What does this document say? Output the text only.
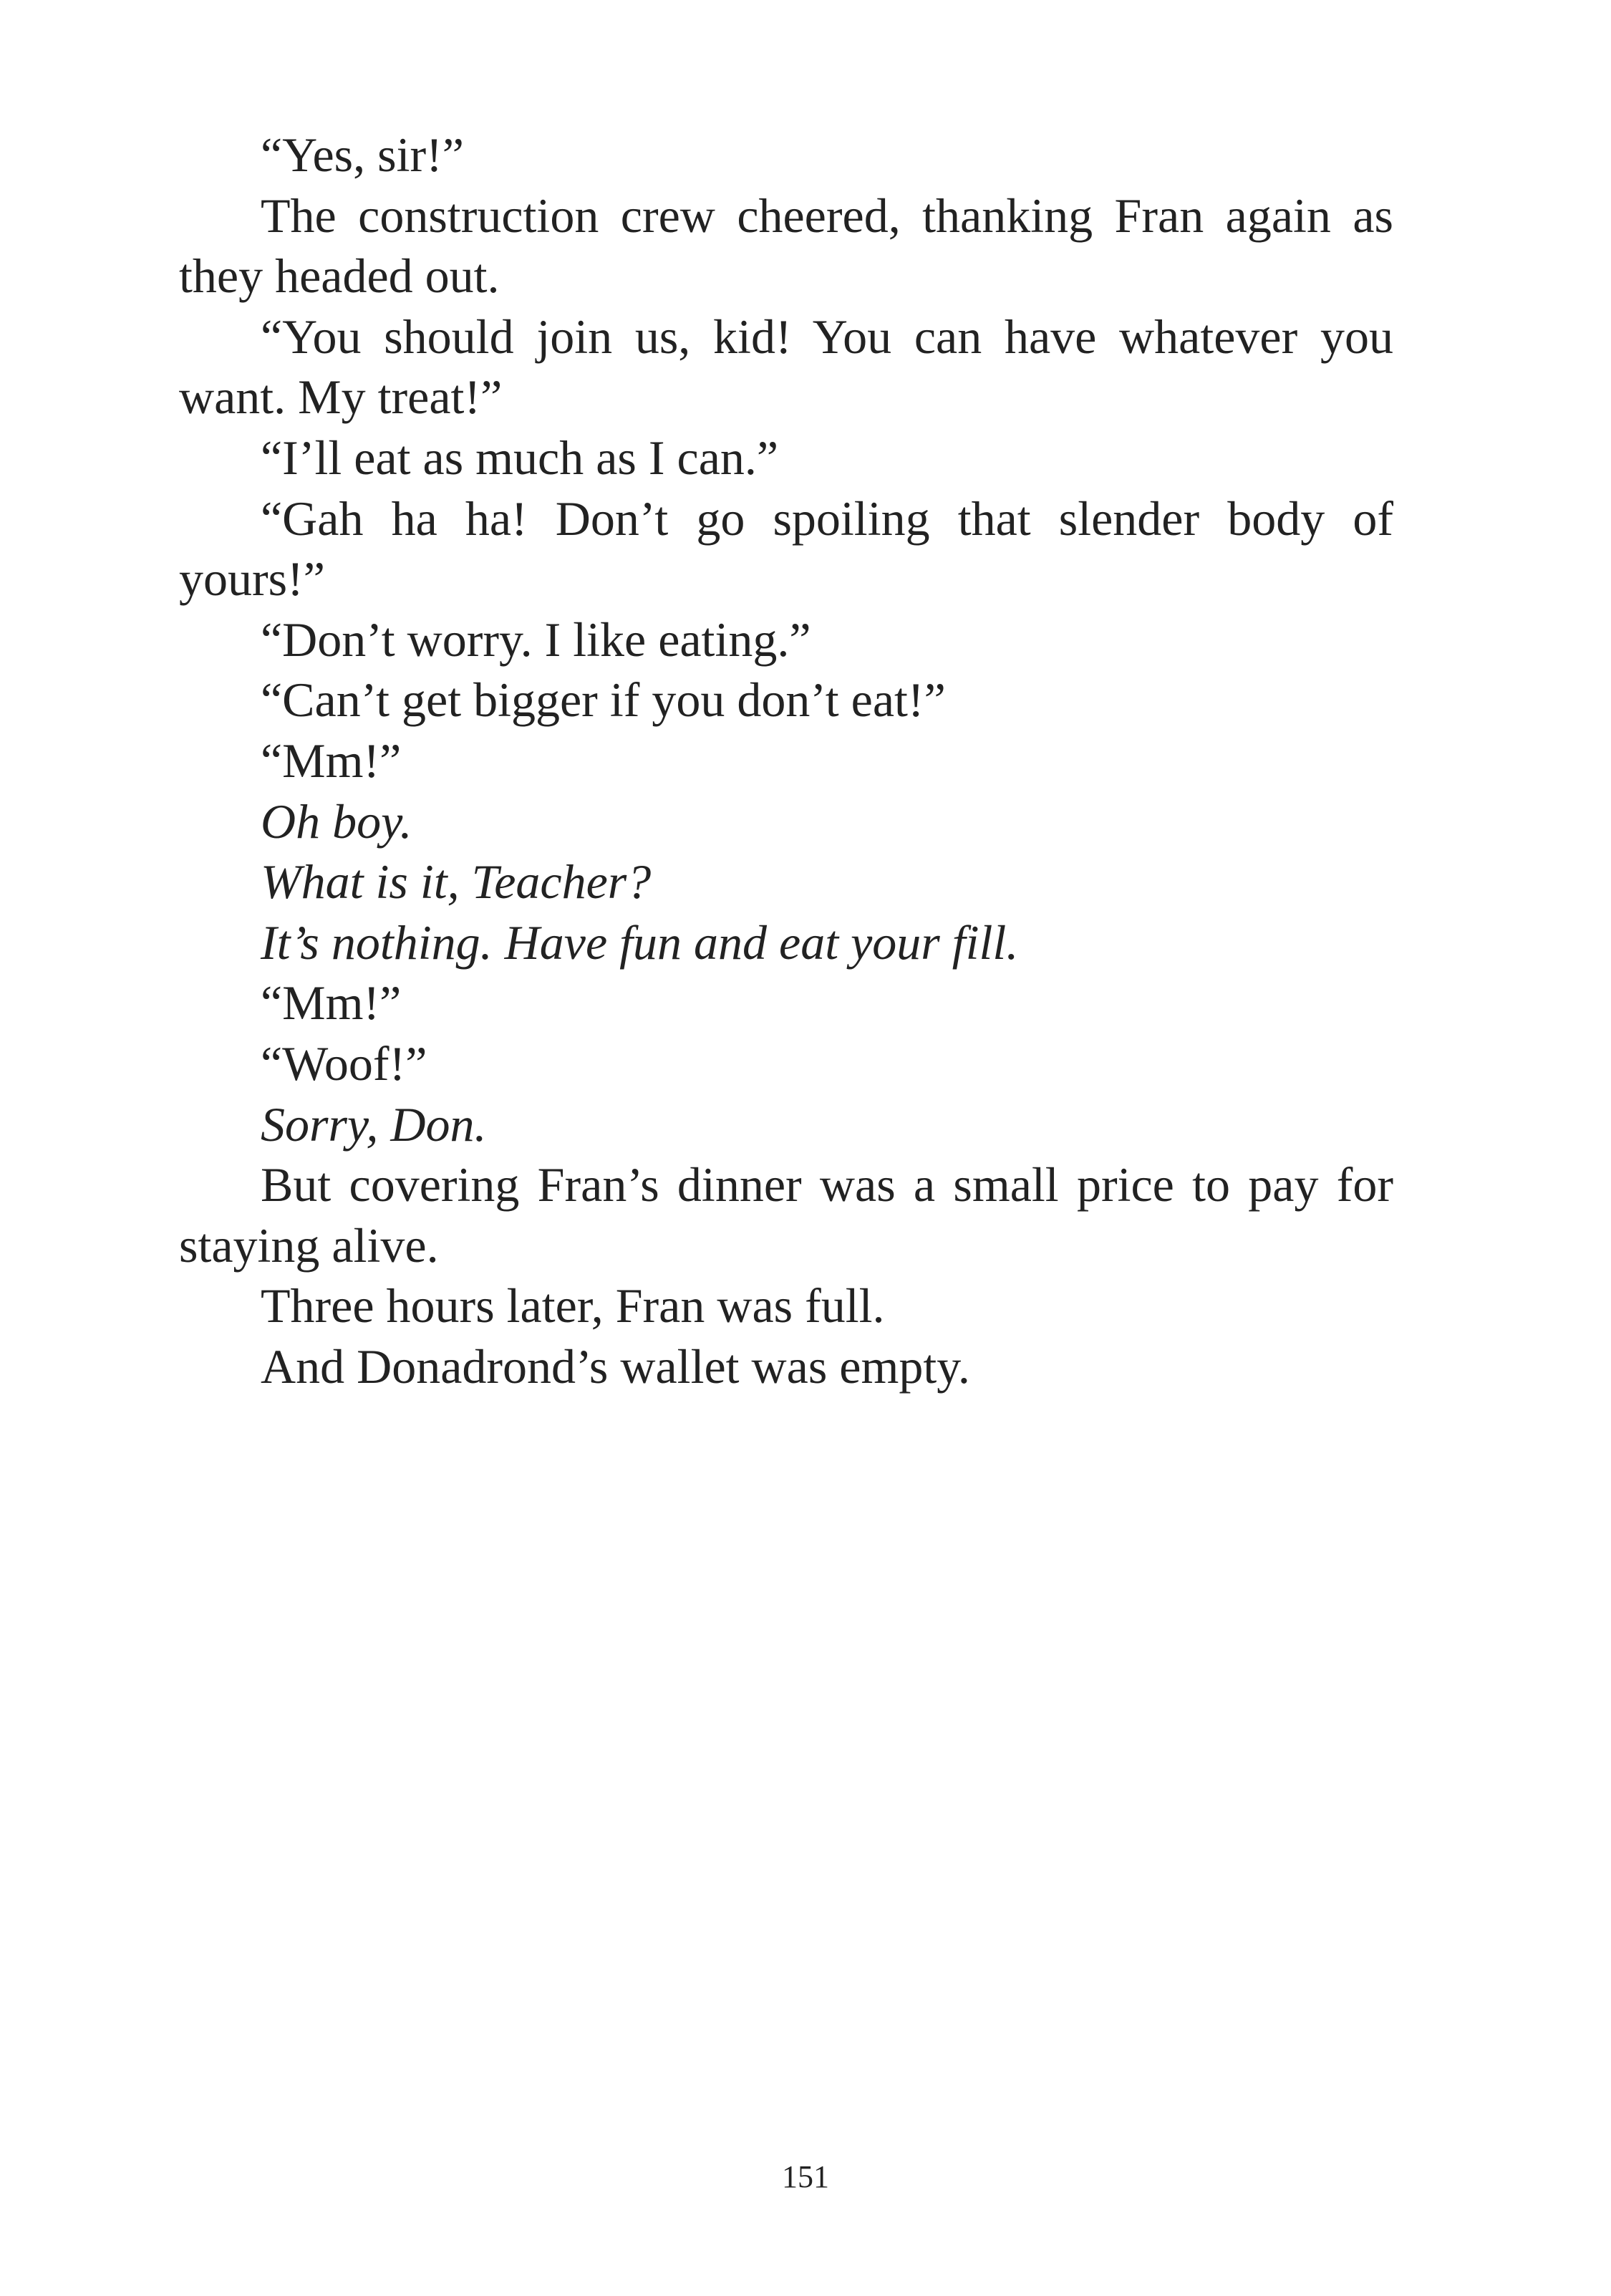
“Yes, sir!”

The construction crew cheered, thanking Fran again as they headed out.

“You should join us, kid! You can have whatever you want. My treat!”

“I’ll eat as much as I can.”

“Gah ha ha! Don’t go spoiling that slender body of yours!”

“Don’t worry. I like eating.”

“Can’t get bigger if you don’t eat!”

“Mm!”

Oh boy.

What is it, Teacher?

It’s nothing. Have fun and eat your fill.

“Mm!”

“Woof!”

Sorry, Don.

But covering Fran’s dinner was a small price to pay for staying alive.

Three hours later, Fran was full.

And Donadrond’s wallet was empty.

151
